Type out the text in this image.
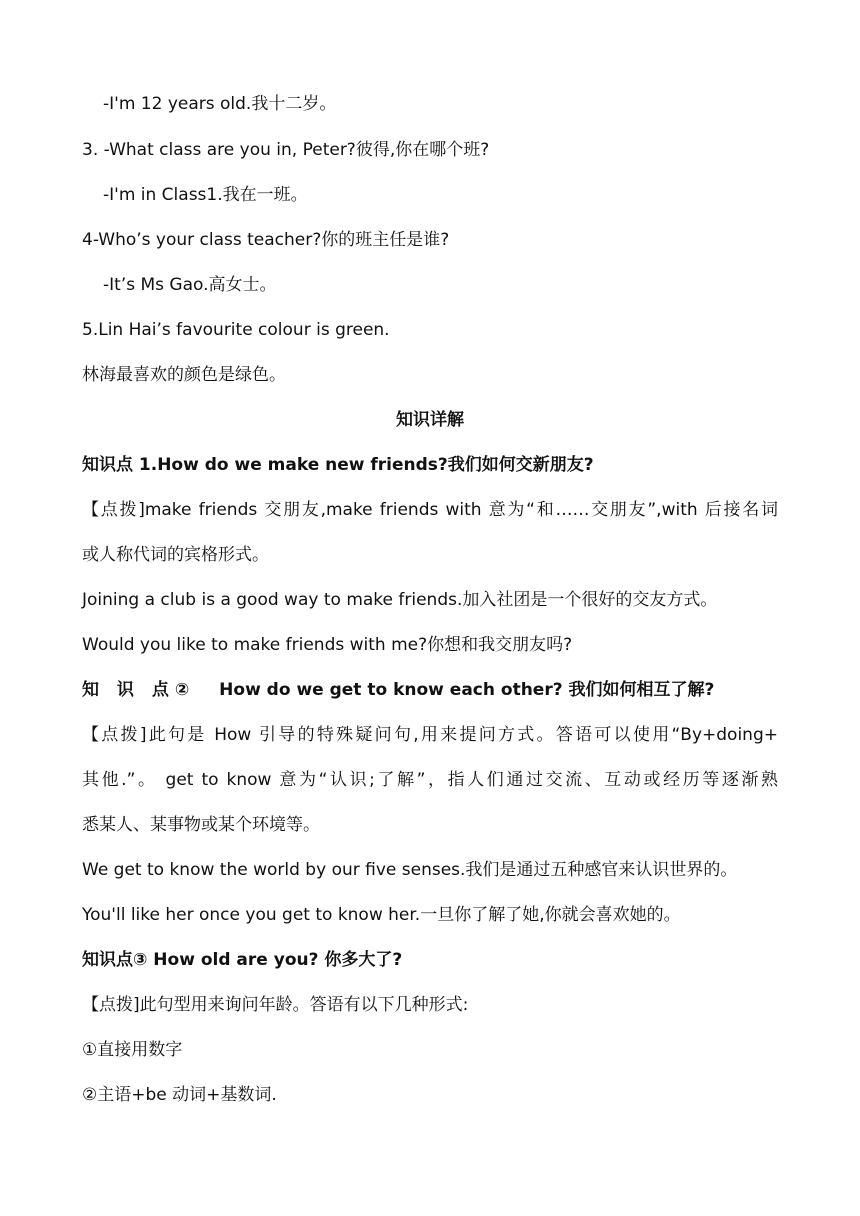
-I'm 12 years old.我十二岁。
3. -What class are you in, Peter?彼得,你在哪个班?
-I'm in Class1.我在一班。
4-Who’s your class teacher?你的班主任是谁?
-It’s Ms Gao.高女士。
5.Lin Hai’s favourite colour is green.
林海最喜欢的颜色是绿色。
知识详解
知识点 1.How do we make new friends?我们如何交新朋友?
【点拨]make friends 交朋友,make friends with 意为“和……交朋友”,with 后接名词
或人称代词的宾格形式。
Joining a club is a good way to make friends.加入社团是一个很好的交友方式。
Would you like to make friends with me?你想和我交朋友吗?
知 识 点② How do we get to know each other? 我们如何相互了解?
【点拨]此句是 How 引导的特殊疑问句,用来提问方式。答语可以使用“By+doing+
其他.”。 get to know 意为“认识;了解”，指人们通过交流、互动或经历等逐渐熟
悉某人、某事物或某个环境等。
We get to know the world by our five senses.我们是通过五种感官来认识世界的。
You'll like her once you get to know her.一旦你了解了她,你就会喜欢她的。
知识点③ How old are you? 你多大了?
【点拨]此句型用来询问年龄。答语有以下几种形式:
①直接用数字
②主语+be 动词+基数词.
